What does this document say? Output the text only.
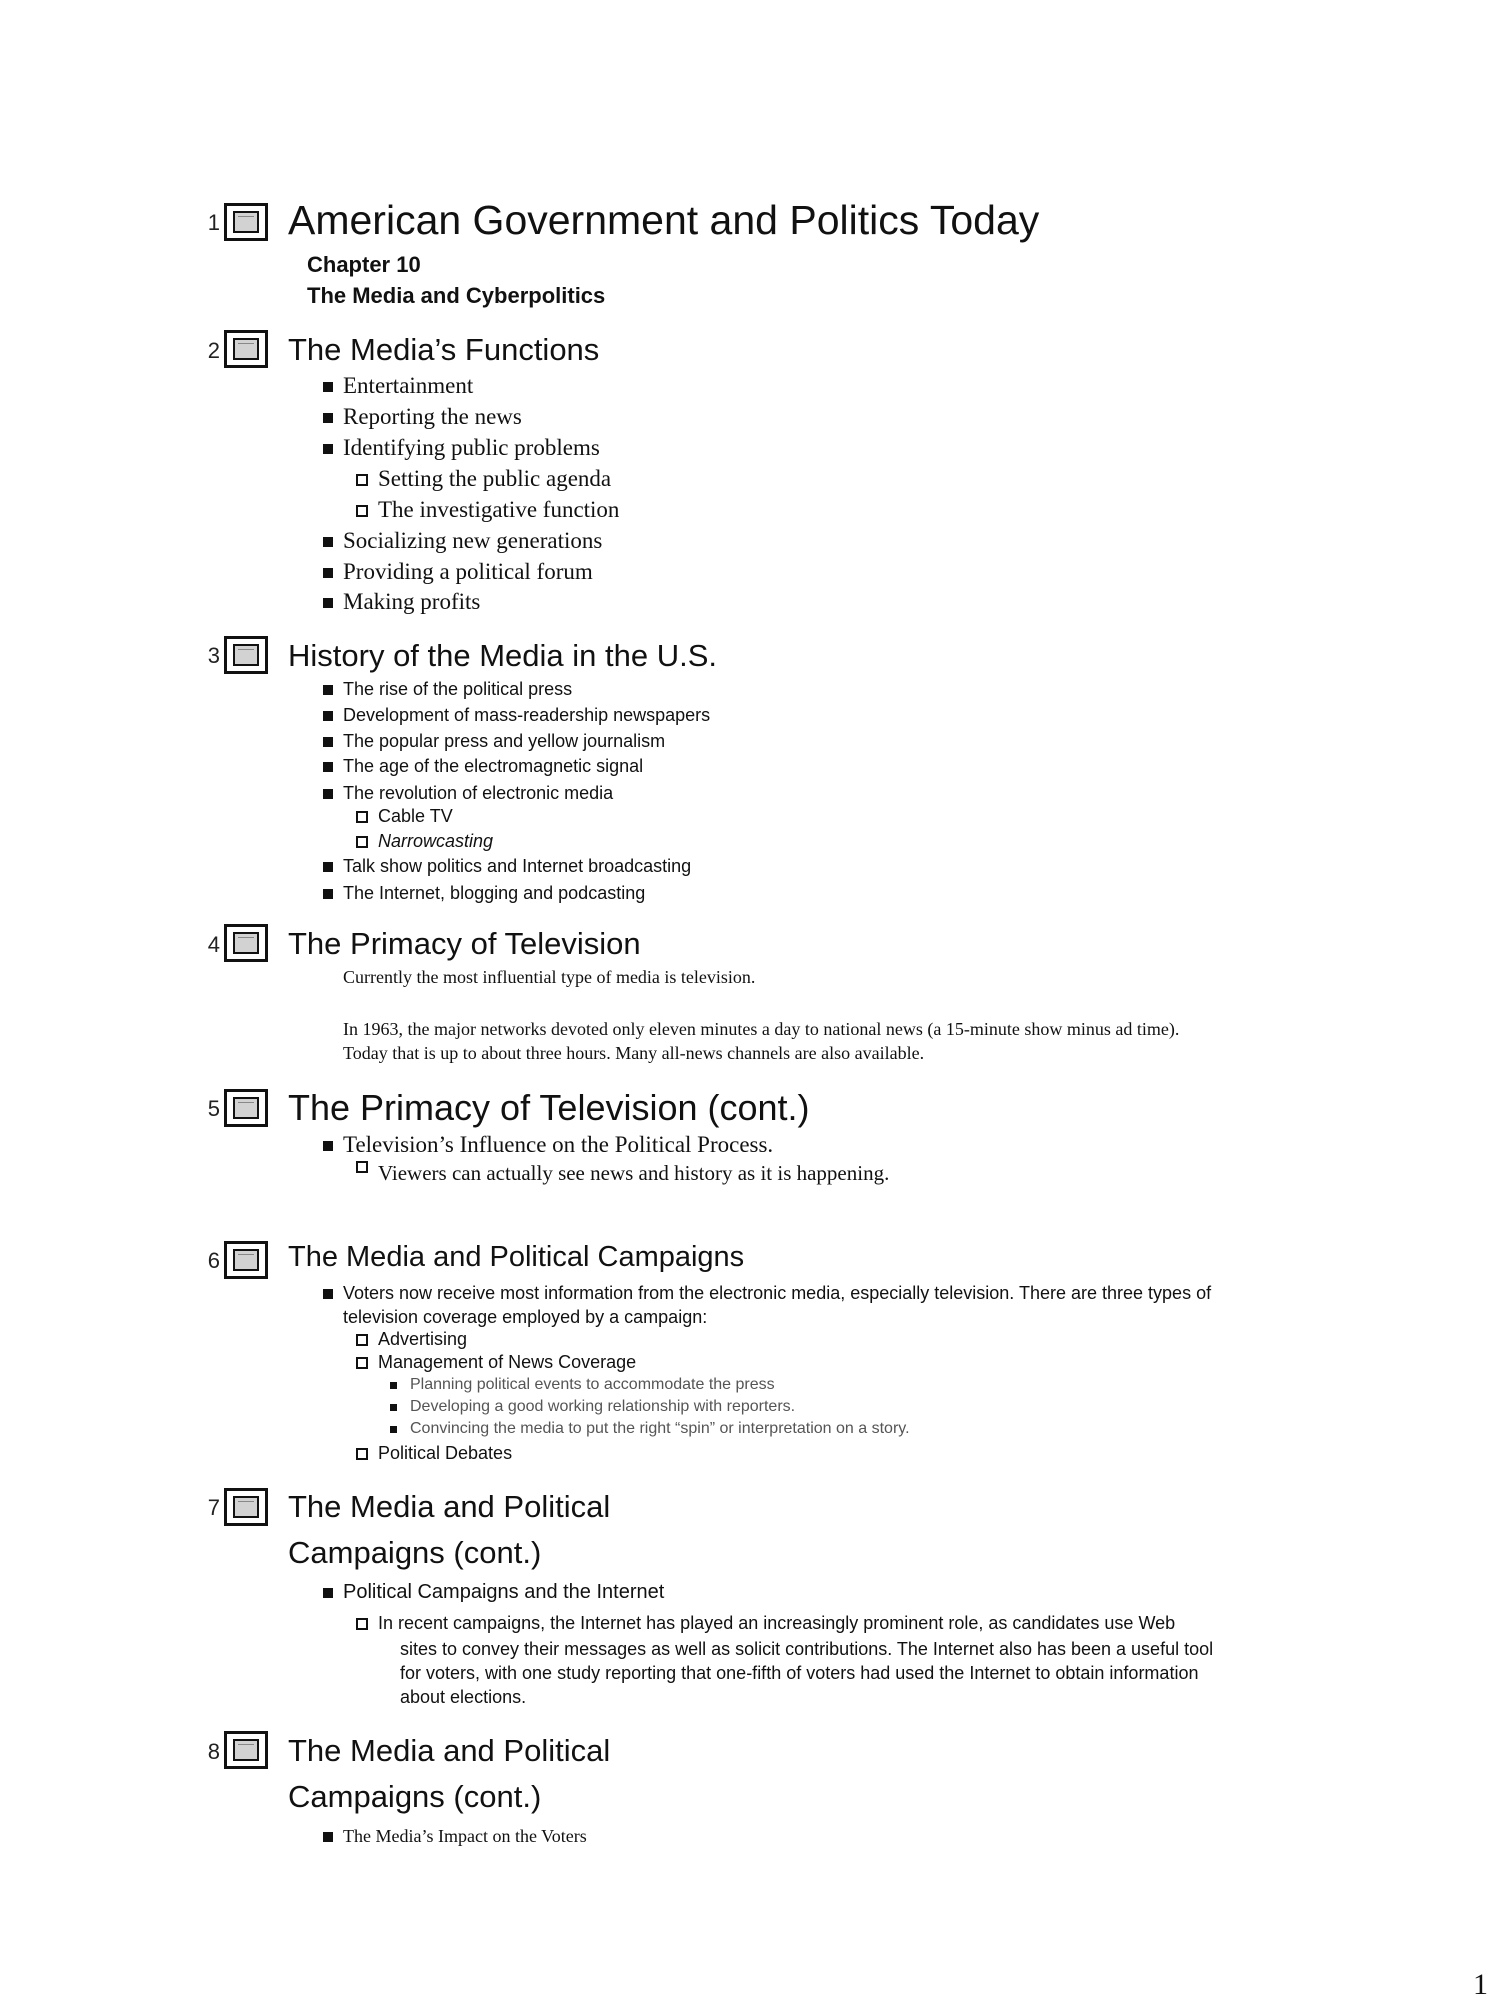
1 American Government and Politics Today
Chapter 10
The Media and Cyberpolitics
2 The Media’s Functions
Entertainment
Reporting the news
Identifying public problems
Setting the public agenda
The investigative function
Socializing new generations
Providing a political forum
Making profits
3 History of the Media in the U.S.
The rise of the political press
Development of mass-readership newspapers
The popular press and yellow journalism
The age of the electromagnetic signal
The revolution of electronic media
Cable TV
Narrowcasting
Talk show politics and Internet broadcasting
The Internet, blogging and podcasting
4 The Primacy of Television
Currently the most influential type of media is television.
In 1963, the major networks devoted only eleven minutes a day to national news (a 15-minute show minus ad time).
Today that is up to about three hours. Many all-news channels are also available.
5 The Primacy of Television (cont.)
Television’s Influence on the Political Process.
Viewers can actually see news and history as it is happening.
6 The Media and Political Campaigns
Voters now receive most information from the electronic media, especially television. There are three types of
television coverage employed by a campaign:
Advertising
Management of News Coverage
Planning political events to accommodate the press
Developing a good working relationship with reporters.
Convincing the media to put the right “spin” or interpretation on a story.
Political Debates
7 The Media and Political
Campaigns (cont.)
Political Campaigns and the Internet
In recent campaigns, the Internet has played an increasingly prominent role, as candidates use Web
sites to convey their messages as well as solicit contributions. The Internet also has been a useful tool
for voters, with one study reporting that one-fifth of voters had used the Internet to obtain information
about elections.
8 The Media and Political
Campaigns (cont.)
The Media’s Impact on the Voters
1
